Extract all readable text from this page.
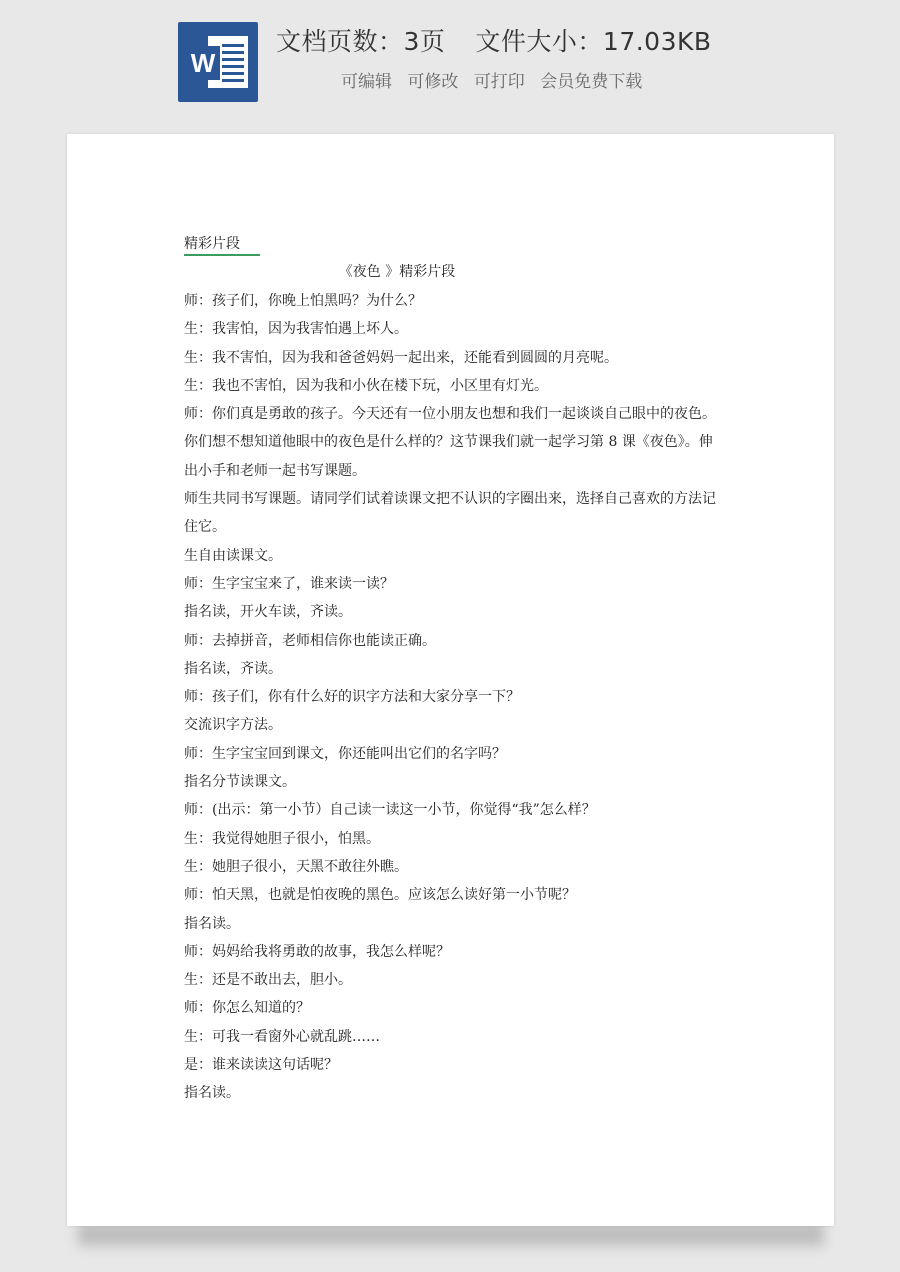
W
文档页数：3页 文件大小：17.03KB
可编辑 可修改 可打印 会员免费下载
精彩片段
《夜色 》精彩片段

师：孩子们，你晚上怕黑吗？为什么？

生：我害怕，因为我害怕遇上坏人。

生：我不害怕，因为我和爸爸妈妈一起出来，还能看到圆圆的月亮呢。

生：我也不害怕，因为我和小伙在楼下玩，小区里有灯光。

师：你们真是勇敢的孩子。今天还有一位小朋友也想和我们一起谈谈自己眼中的夜色。你们想不想知道他眼中的夜色是什么样的？这节课我们就一起学习第 8 课《夜色》。伸出小手和老师一起书写课题。

师生共同书写课题。请同学们试着读课文把不认识的字圈出来，选择自己喜欢的方法记住它。

生自由读课文。

师：生字宝宝来了，谁来读一读？

指名读，开火车读，齐读。

师：去掉拼音，老师相信你也能读正确。

指名读，齐读。

师：孩子们，你有什么好的识字方法和大家分享一下？

交流识字方法。

师：生字宝宝回到课文，你还能叫出它们的名字吗？

指名分节读课文。

师：(出示：第一小节）自己读一读这一小节，你觉得“我”怎么样？

生：我觉得她胆子很小，怕黑。

生：她胆子很小，天黑不敢往外瞧。

师：怕天黑，也就是怕夜晚的黑色。应该怎么读好第一小节呢？

指名读。

师：妈妈给我将勇敢的故事，我怎么样呢？

生：还是不敢出去，胆小。

师：你怎么知道的？

生：可我一看窗外心就乱跳……

是：谁来读读这句话呢？

指名读。
